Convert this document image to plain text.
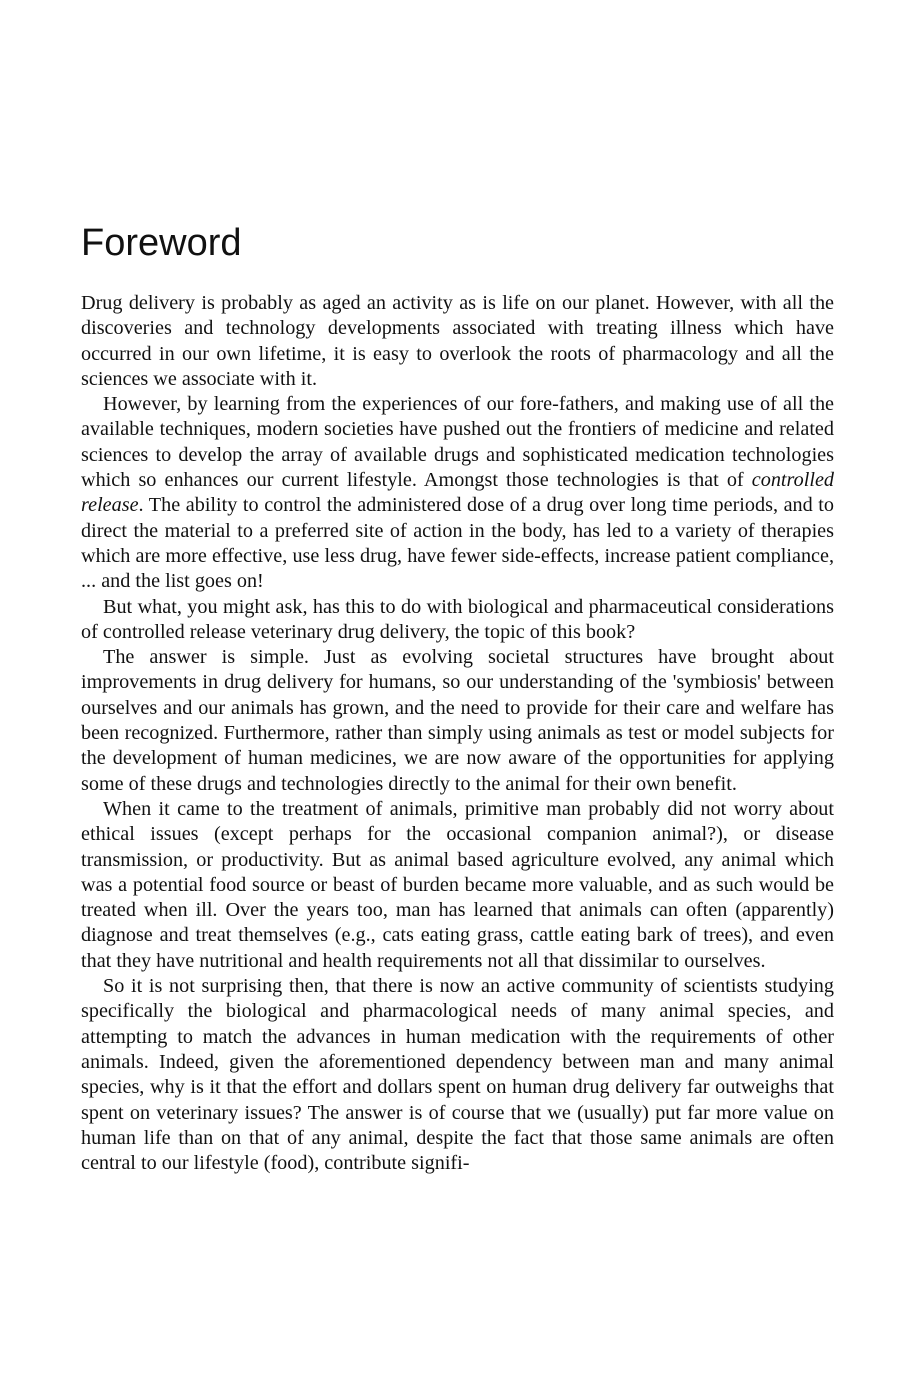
Foreword

Drug delivery is probably as aged an activity as is life on our planet. However, with all the discoveries and technology developments associated with treating illness which have occurred in our own lifetime, it is easy to overlook the roots of pharmacology and all the sciences we associate with it.

However, by learning from the experiences of our fore-fathers, and making use of all the available techniques, modern societies have pushed out the frontiers of medicine and related sciences to develop the array of available drugs and sophisticated medication technologies which so enhances our current lifestyle. Amongst those technologies is that of controlled release. The ability to control the administered dose of a drug over long time periods, and to direct the material to a preferred site of action in the body, has led to a variety of therapies which are more effective, use less drug, have fewer side-effects, increase patient compliance, ... and the list goes on!

But what, you might ask, has this to do with biological and pharmaceutical considerations of controlled release veterinary drug delivery, the topic of this book?

The answer is simple. Just as evolving societal structures have brought about improvements in drug delivery for humans, so our understanding of the 'symbiosis' between ourselves and our animals has grown, and the need to provide for their care and welfare has been recognized. Furthermore, rather than simply using animals as test or model subjects for the development of human medicines, we are now aware of the opportunities for applying some of these drugs and technologies directly to the animal for their own benefit.

When it came to the treatment of animals, primitive man probably did not worry about ethical issues (except perhaps for the occasional companion animal?), or disease transmission, or productivity. But as animal based agriculture evolved, any animal which was a potential food source or beast of burden became more valuable, and as such would be treated when ill. Over the years too, man has learned that animals can often (apparently) diagnose and treat themselves (e.g., cats eating grass, cattle eating bark of trees), and even that they have nutritional and health requirements not all that dissimilar to ourselves.

So it is not surprising then, that there is now an active community of scientists studying specifically the biological and pharmacological needs of many animal species, and attempting to match the advances in human medication with the requirements of other animals. Indeed, given the aforementioned dependency between man and many animal species, why is it that the effort and dollars spent on human drug delivery far outweighs that spent on veterinary issues? The answer is of course that we (usually) put far more value on human life than on that of any animal, despite the fact that those same animals are often central to our lifestyle (food), contribute signifi-
